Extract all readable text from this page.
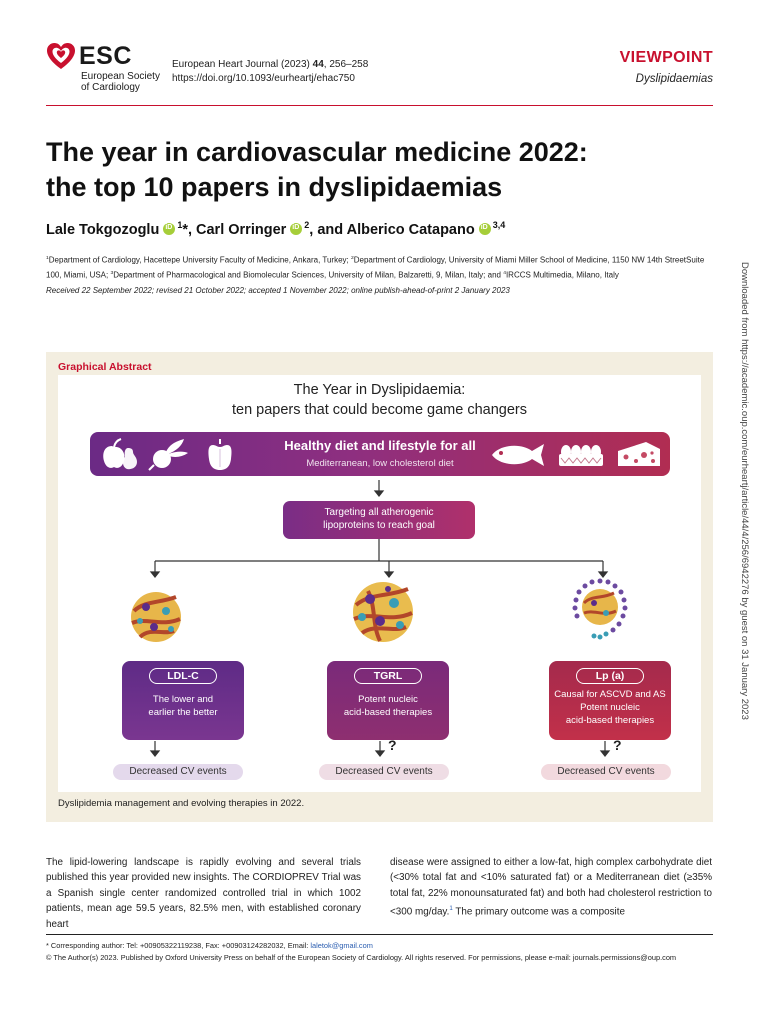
ESC
European Society
of Cardiology
European Heart Journal (2023) 44, 256–258
https://doi.org/10.1093/eurheartj/ehac750
VIEWPOINT
Dyslipidaemias
The year in cardiovascular medicine 2022:
the top 10 papers in dyslipidaemias
Lale Tokgozoglu iD $^1$*, Carl Orringer iD $^2$, and Alberico Catapano iD $^{3,4}$
$^1$Department of Cardiology, Hacettepe University Faculty of Medicine, Ankara, Turkey; $^2$Department of Cardiology, University of Miami Miller School of Medicine, 1150 NW 14th StreetSuite 100, Miami, USA; $^3$Department of Pharmacological and Biomolecular Sciences, University of Milan, Balzaretti, 9, Milan, Italy; and $^4$IRCCS Multimedia, Milano, Italy
Received 22 September 2022; revised 21 October 2022; accepted 1 November 2022; online publish-ahead-of-print 2 January 2023	Downloaded from https://academic.oup.com/eurheartj/article/44/4/256/6942276 by guest on 31 January 2023
Graphical Abstract
The Year in Dyslipidaemia:
ten papers that could become game changers
Healthy diet and lifestyle for all
Mediterranean, low cholesterol diet
Targeting all atherogenic
lipoproteins to reach goal
LDL-C
The lower and
earlier the better
TGRL
Potent nucleic
acid-based therapies
Lp (a)
Causal for ASCVD and AS
Potent nucleic
acid-based therapies
?	?
Decreased CV events	Decreased CV events	Decreased CV events
Dyslipidemia management and evolving therapies in 2022.
The lipid-lowering landscape is rapidly evolving and several trials published this year provided new insights. The CORDIOPREV Trial was a Spanish single center randomized controlled trial in which 1002 patients, mean age 59.5 years, 82.5% men, with established coronary heart
disease were assigned to either a low-fat, high complex carbohydrate diet (<30% total fat and <10% saturated fat) or a Mediterranean diet (≥35% total fat, 22% monounsaturated fat) and both had cholesterol restriction to <300 mg/day.$^1$ The primary outcome was a composite
* Corresponding author: Tel: +00905322119238, Fax: +00903124282032, Email: laletok@gmail.com
© The Author(s) 2023. Published by Oxford University Press on behalf of the European Society of Cardiology. All rights reserved. For permissions, please e-mail: journals.permissions@oup.com
